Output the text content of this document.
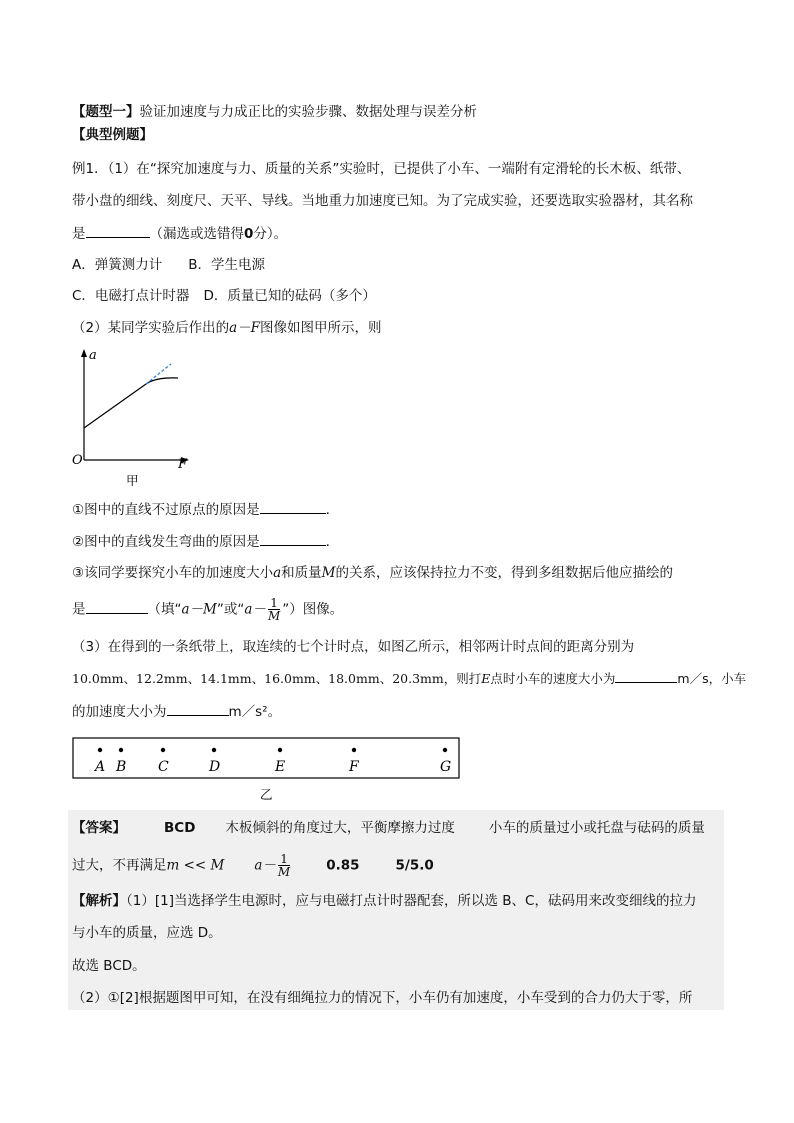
【题型一】验证加速度与力成正比的实验步骤、数据处理与误差分析
【典型例题】
例1．（1）在“探究加速度与力、质量的关系”实验时，已提供了小车、一端附有定滑轮的长木板、纸带、
带小盘的细线、刻度尺、天平、导线。当地重力加速度已知。为了完成实验，还要选取实验器材，其名称
是	（漏选或选错得0分）。
A．弹簧测力计 B．学生电源
C．电磁打点计时器 D．质量已知的砝码（多个）
（2）某同学实验后作出的a－F图像如图甲所示，则
a
F
O
甲
①图中的直线不过原点的原因是	.
②图中的直线发生弯曲的原因是	.
③该同学要探究小车的加速度大小a和质量M的关系，应该保持拉力不变，得到多组数据后他应描绘的
是	（填“a－M”或“$a- \frac{1}{M}$ ”）图像。
（3）在得到的一条纸带上，取连续的七个计时点，如图乙所示，相邻两计时点间的距离分别为
10.0mm、12.2mm、14.1mm、16.0mm、18.0mm、20.3mm，则打E点时小车的速度大小为	m／s，小车
的加速度大小为	m／s²。
A B C	D	E	F	G
乙
【答案】	BCD 木板倾斜的角度过大，平衡摩擦力过度	小车的质量过小或托盘与砝码的质量
过大，不再满足m << M $a- \frac{1}{M}$	0.85	5/5.0
【解析】（1）[1]当选择学生电源时，应与电磁打点计时器配套，所以选 B、C，砝码用来改变细线的拉力
与小车的质量，应选 D。
故选 BCD。
（2）①[2]根据题图甲可知，在没有细绳拉力的情况下，小车仍有加速度，小车受到的合力仍大于零，所
